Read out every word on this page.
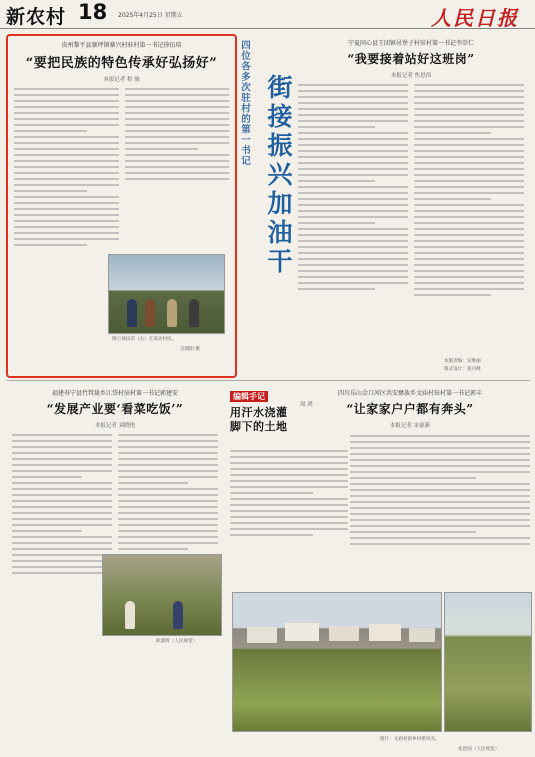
新农村 18 2025年4月25日 星期五	人民日报
贵州黎平县寨坪镇寨兴村驻村第一书记徐伍培
“要把民族的特色传承好弘扬好”
本报记者 程 骏
图①徐伍培（右）在采访村民。
吴瑞阳 摄
四位各多次驻村的第一书记 街接振兴加油干
宁夏同心县王团镇吊堡子村驻村第一书记李崇仁
“我要接着站好这班岗”
本报记者 焦思伟
本版责编：吴维丽
版式设计：张丹峰
福建寿宁县竹管垅乡江岱村驻村第一书记郭建安
“发展产业要‘看菜吃饭’”
本报记者 刘晓艳
耿淑辉（人民视觉）
编辑手记
用汗水浇灌脚下的土地
周 鸿
四川乐山金口河区共安彝族乡文庙村驻村第一书记郭丰
“让家家户户都有奔头”
本报记者 宋豪新
图片：文庙村的乡村新风光。
张治国（人民视觉）
